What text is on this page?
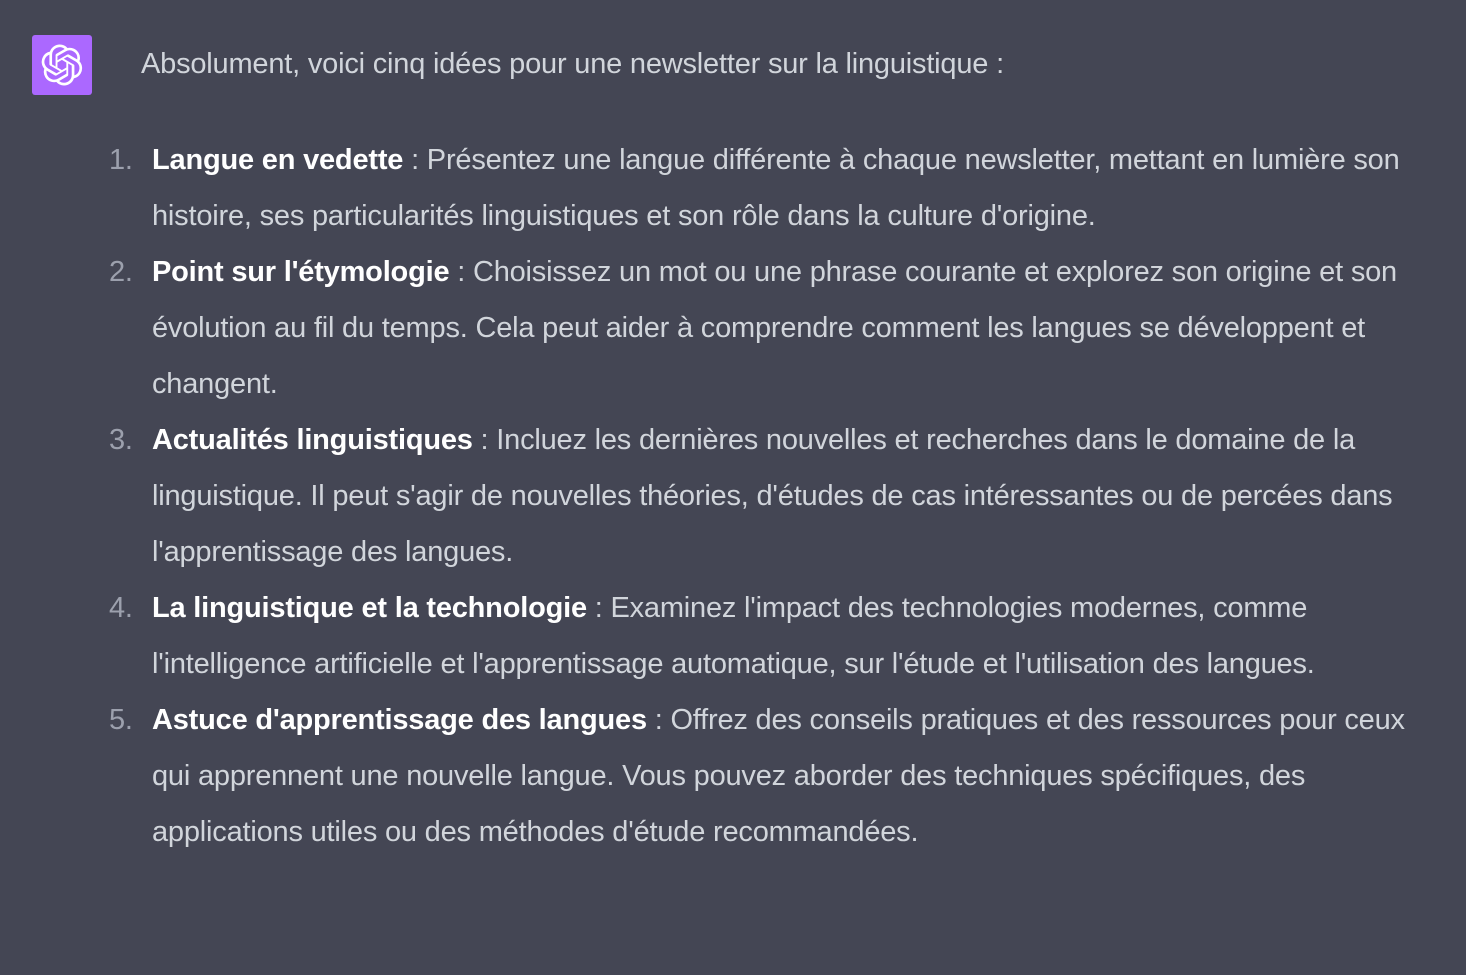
Absolument, voici cinq idées pour une newsletter sur la linguistique :

1. Langue en vedette : Présentez une langue différente à chaque newsletter, mettant en lumière son histoire, ses particularités linguistiques et son rôle dans la culture d'origine.
2. Point sur l'étymologie : Choisissez un mot ou une phrase courante et explorez son origine et son évolution au fil du temps. Cela peut aider à comprendre comment les langues se développent et changent.
3. Actualités linguistiques : Incluez les dernières nouvelles et recherches dans le domaine de la linguistique. Il peut s'agir de nouvelles théories, d'études de cas intéressantes ou de percées dans l'apprentissage des langues.
4. La linguistique et la technologie : Examinez l'impact des technologies modernes, comme l'intelligence artificielle et l'apprentissage automatique, sur l'étude et l'utilisation des langues.
5. Astuce d'apprentissage des langues : Offrez des conseils pratiques et des ressources pour ceux qui apprennent une nouvelle langue. Vous pouvez aborder des techniques spécifiques, des applications utiles ou des méthodes d'étude recommandées.
